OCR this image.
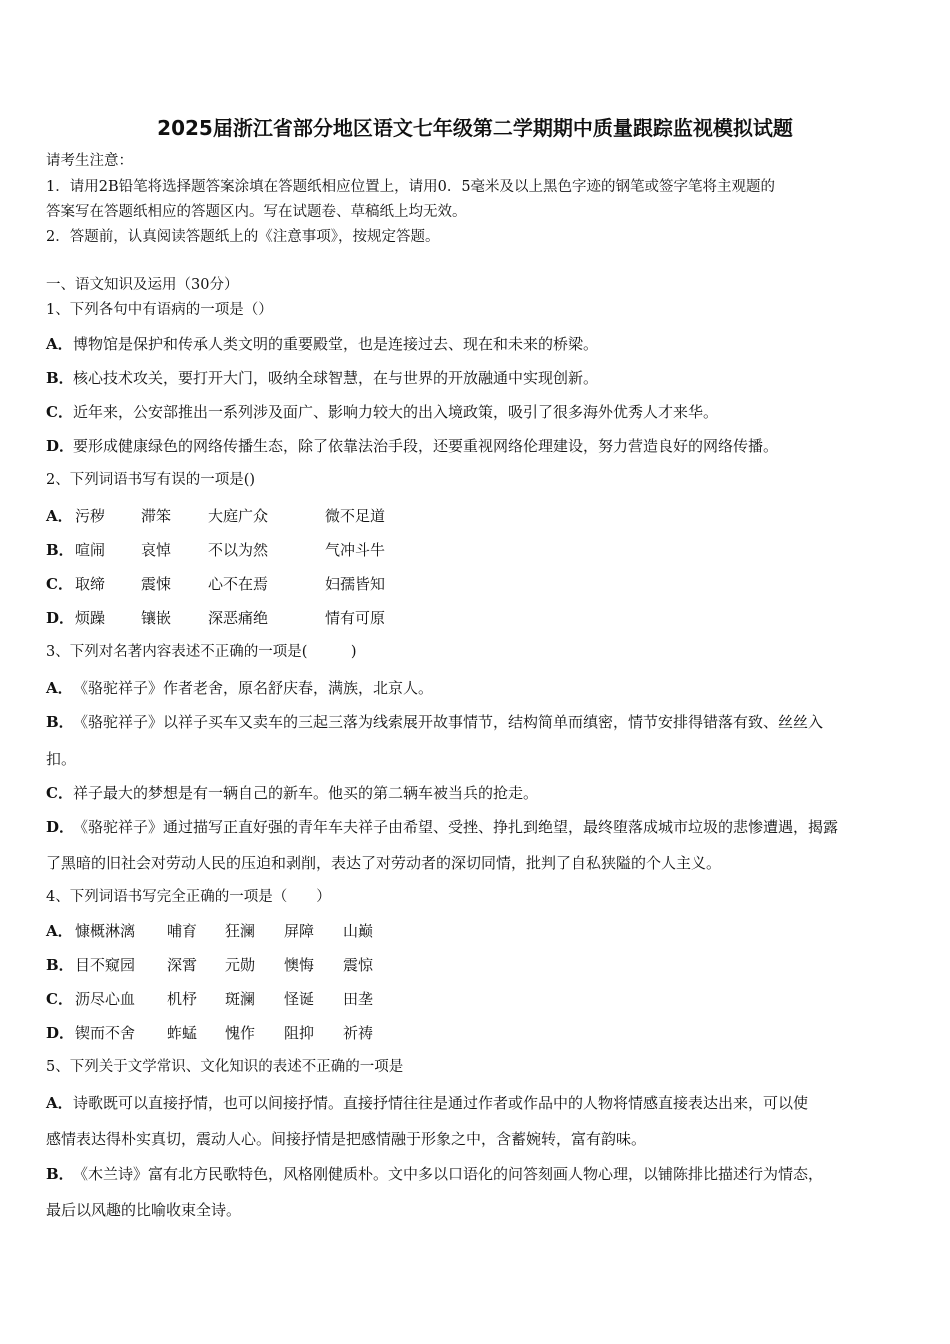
2025届浙江省部分地区语文七年级第二学期期中质量跟踪监视模拟试题
请考生注意：
1．请用2B铅笔将选择题答案涂填在答题纸相应位置上，请用0．5毫米及以上黑色字迹的钢笔或签字笔将主观题的
答案写在答题纸相应的答题区内。写在试题卷、草稿纸上均无效。
2．答题前，认真阅读答题纸上的《注意事项》，按规定答题。
一、语文知识及运用（30分）
1、下列各句中有语病的一项是（）
A．博物馆是保护和传承人类文明的重要殿堂，也是连接过去、现在和未来的桥梁。
B．核心技术攻关，要打开大门，吸纳全球智慧，在与世界的开放融通中实现创新。
C．近年来，公安部推出一系列涉及面广、影响力较大的出入境政策，吸引了很多海外优秀人才来华。
D．要形成健康绿色的网络传播生态，除了依靠法治手段，还要重视网络伦理建设，努力营造良好的网络传播。
2、下列词语书写有误的一项是()
A． 污秽 滞笨 大庭广众	微不足道
B． 喧闹 哀悼 不以为然	气冲斗牛
C． 取缔 震悚 心不在焉	妇孺皆知
D． 烦躁 镶嵌 深恶痛绝	情有可原
3、下列对名著内容表述不正确的一项是(　　　)
A．《骆驼祥子》作者老舍，原名舒庆春，满族，北京人。
B．《骆驼祥子》以祥子买车又卖车的三起三落为线索展开故事情节，结构简单而缜密，情节安排得错落有致、丝丝入
扣。
C．祥子最大的梦想是有一辆自己的新车。他买的第二辆车被当兵的抢走。
D．《骆驼祥子》通过描写正直好强的青年车夫祥子由希望、受挫、挣扎到绝望，最终堕落成城市垃圾的悲惨遭遇，揭露
了黑暗的旧社会对劳动人民的压迫和剥削，表达了对劳动者的深切同情，批判了自私狭隘的个人主义。
4、下列词语书写完全正确的一项是（　　）
A． 慷概淋漓 哺育 狂澜 屏障 山巅
B． 目不窥园 深霄 元勋 懊悔 震惊
C． 沥尽心血 机杼 斑澜 怪诞 田垄
D． 锲而不舍 蚱蜢 愧作 阻抑 祈祷
5、下列关于文学常识、文化知识的表述不正确的一项是
A．诗歌既可以直接抒情，也可以间接抒情。直接抒情往往是通过作者或作品中的人物将情感直接表达出来，可以使
感情表达得朴实真切，震动人心。间接抒情是把感情融于形象之中，含蓄婉转，富有韵味。
B．《木兰诗》富有北方民歌特色，风格刚健质朴。文中多以口语化的问答刻画人物心理，以铺陈排比描述行为情态，
最后以风趣的比喻收束全诗。
